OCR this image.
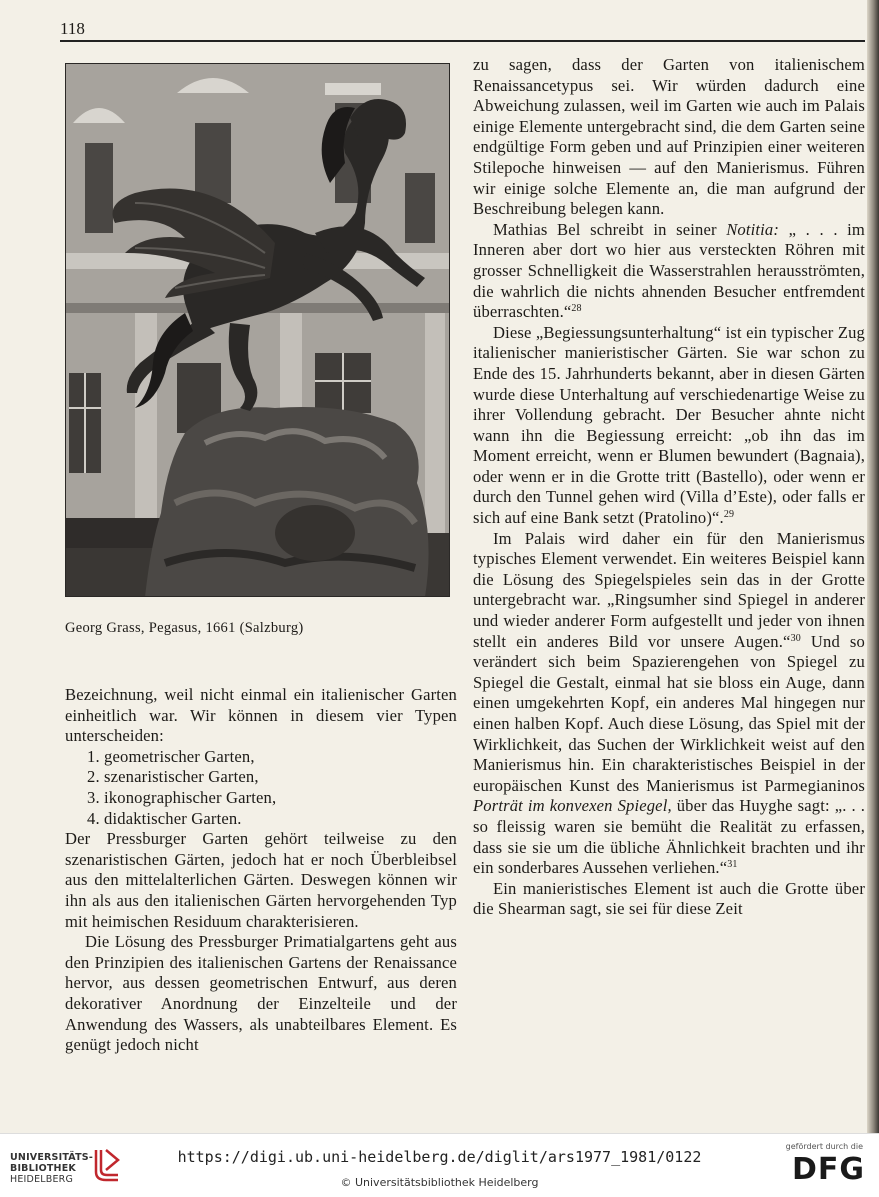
118
Georg Grass, Pegasus, 1661 (Salzburg)

Bezeichnung, weil nicht einmal ein italienischer Garten einheitlich war. Wir können in diesem vier Typen unterscheiden:

1. geometrischer Garten,
2. szenaristischer Garten,
3. ikonographischer Garten,
4. didaktischer Garten.

Der Pressburger Garten gehört teilweise zu den szenaristischen Gärten, jedoch hat er noch Überbleibsel aus den mittelalterlichen Gärten. Deswegen können wir ihn als aus den italienischen Gärten hervorgehenden Typ mit heimischen Residuum charakterisieren.

Die Lösung des Pressburger Primatialgartens geht aus den Prinzipien des italienischen Gartens der Renaissance hervor, aus dessen geometrischen Entwurf, aus deren dekorativer Anordnung der Einzelteile und der Anwendung des Wassers, als unabteilbares Element. Es genügt jedoch nicht

zu sagen, dass der Garten von italienischem Renaissancetypus sei. Wir würden dadurch eine Abweichung zulassen, weil im Garten wie auch im Palais einige Elemente untergebracht sind, die dem Garten seine endgültige Form geben und auf Prinzipien einer weiteren Stilepoche hinweisen — auf den Manierismus. Führen wir einige solche Elemente an, die man aufgrund der Beschreibung belegen kann.

Mathias Bel schreibt in seiner Notitia: „ . . . im Inneren aber dort wo hier aus versteckten Röhren mit grosser Schnelligkeit die Wasserstrahlen herausströmten, die wahrlich die nichts ahnenden Besucher entfremdent überraschten.“$^{28}$

Diese „Begiessungsunterhaltung“ ist ein typischer Zug italienischer manieristischer Gärten. Sie war schon zu Ende des 15. Jahrhunderts bekannt, aber in diesen Gärten wurde diese Unterhaltung auf verschiedenartige Weise zu ihrer Vollendung gebracht. Der Besucher ahnte nicht wann ihn die Begiessung erreicht: „ob ihn das im Moment erreicht, wenn er Blumen bewundert (Bagnaia), oder wenn er in die Grotte tritt (Bastello), oder wenn er durch den Tunnel gehen wird (Villa d’Este), oder falls er sich auf eine Bank setzt (Pratolino)“.$^{29}$

Im Palais wird daher ein für den Manierismus typisches Element verwendet. Ein weiteres Beispiel kann die Lösung des Spiegelspieles sein das in der Grotte untergebracht war. „Ringsumher sind Spiegel in anderer und wieder anderer Form aufgestellt und jeder von ihnen stellt ein anderes Bild vor unsere Augen.“$^{30}$ Und so verändert sich beim Spazierengehen von Spiegel zu Spiegel die Gestalt, einmal hat sie bloss ein Auge, dann einen umgekehrten Kopf, ein anderes Mal hingegen nur einen halben Kopf. Auch diese Lösung, das Spiel mit der Wirklichkeit, das Suchen der Wirklichkeit weist auf den Manierismus hin. Ein charakteristisches Beispiel in der europäischen Kunst des Manierismus ist Parmegianinos Porträt im konvexen Spiegel, über das Huyghe sagt: „. . . so fleissig waren sie bemüht die Realität zu erfassen, dass sie sie um die übliche Ähnlichkeit brachten und ihr ein sonderbares Aussehen verliehen.“$^{31}$

Ein manieristisches Element ist auch die Grotte über die Shearman sagt, sie sei für diese Zeit

UNIVERSITÄTS-
BIBLIOTHEK
HEIDELBERG
https://digi.ub.uni-heidelberg.de/diglit/ars1977_1981/0122
© Universitätsbibliothek Heidelberg
gefördert durch die
DFG
